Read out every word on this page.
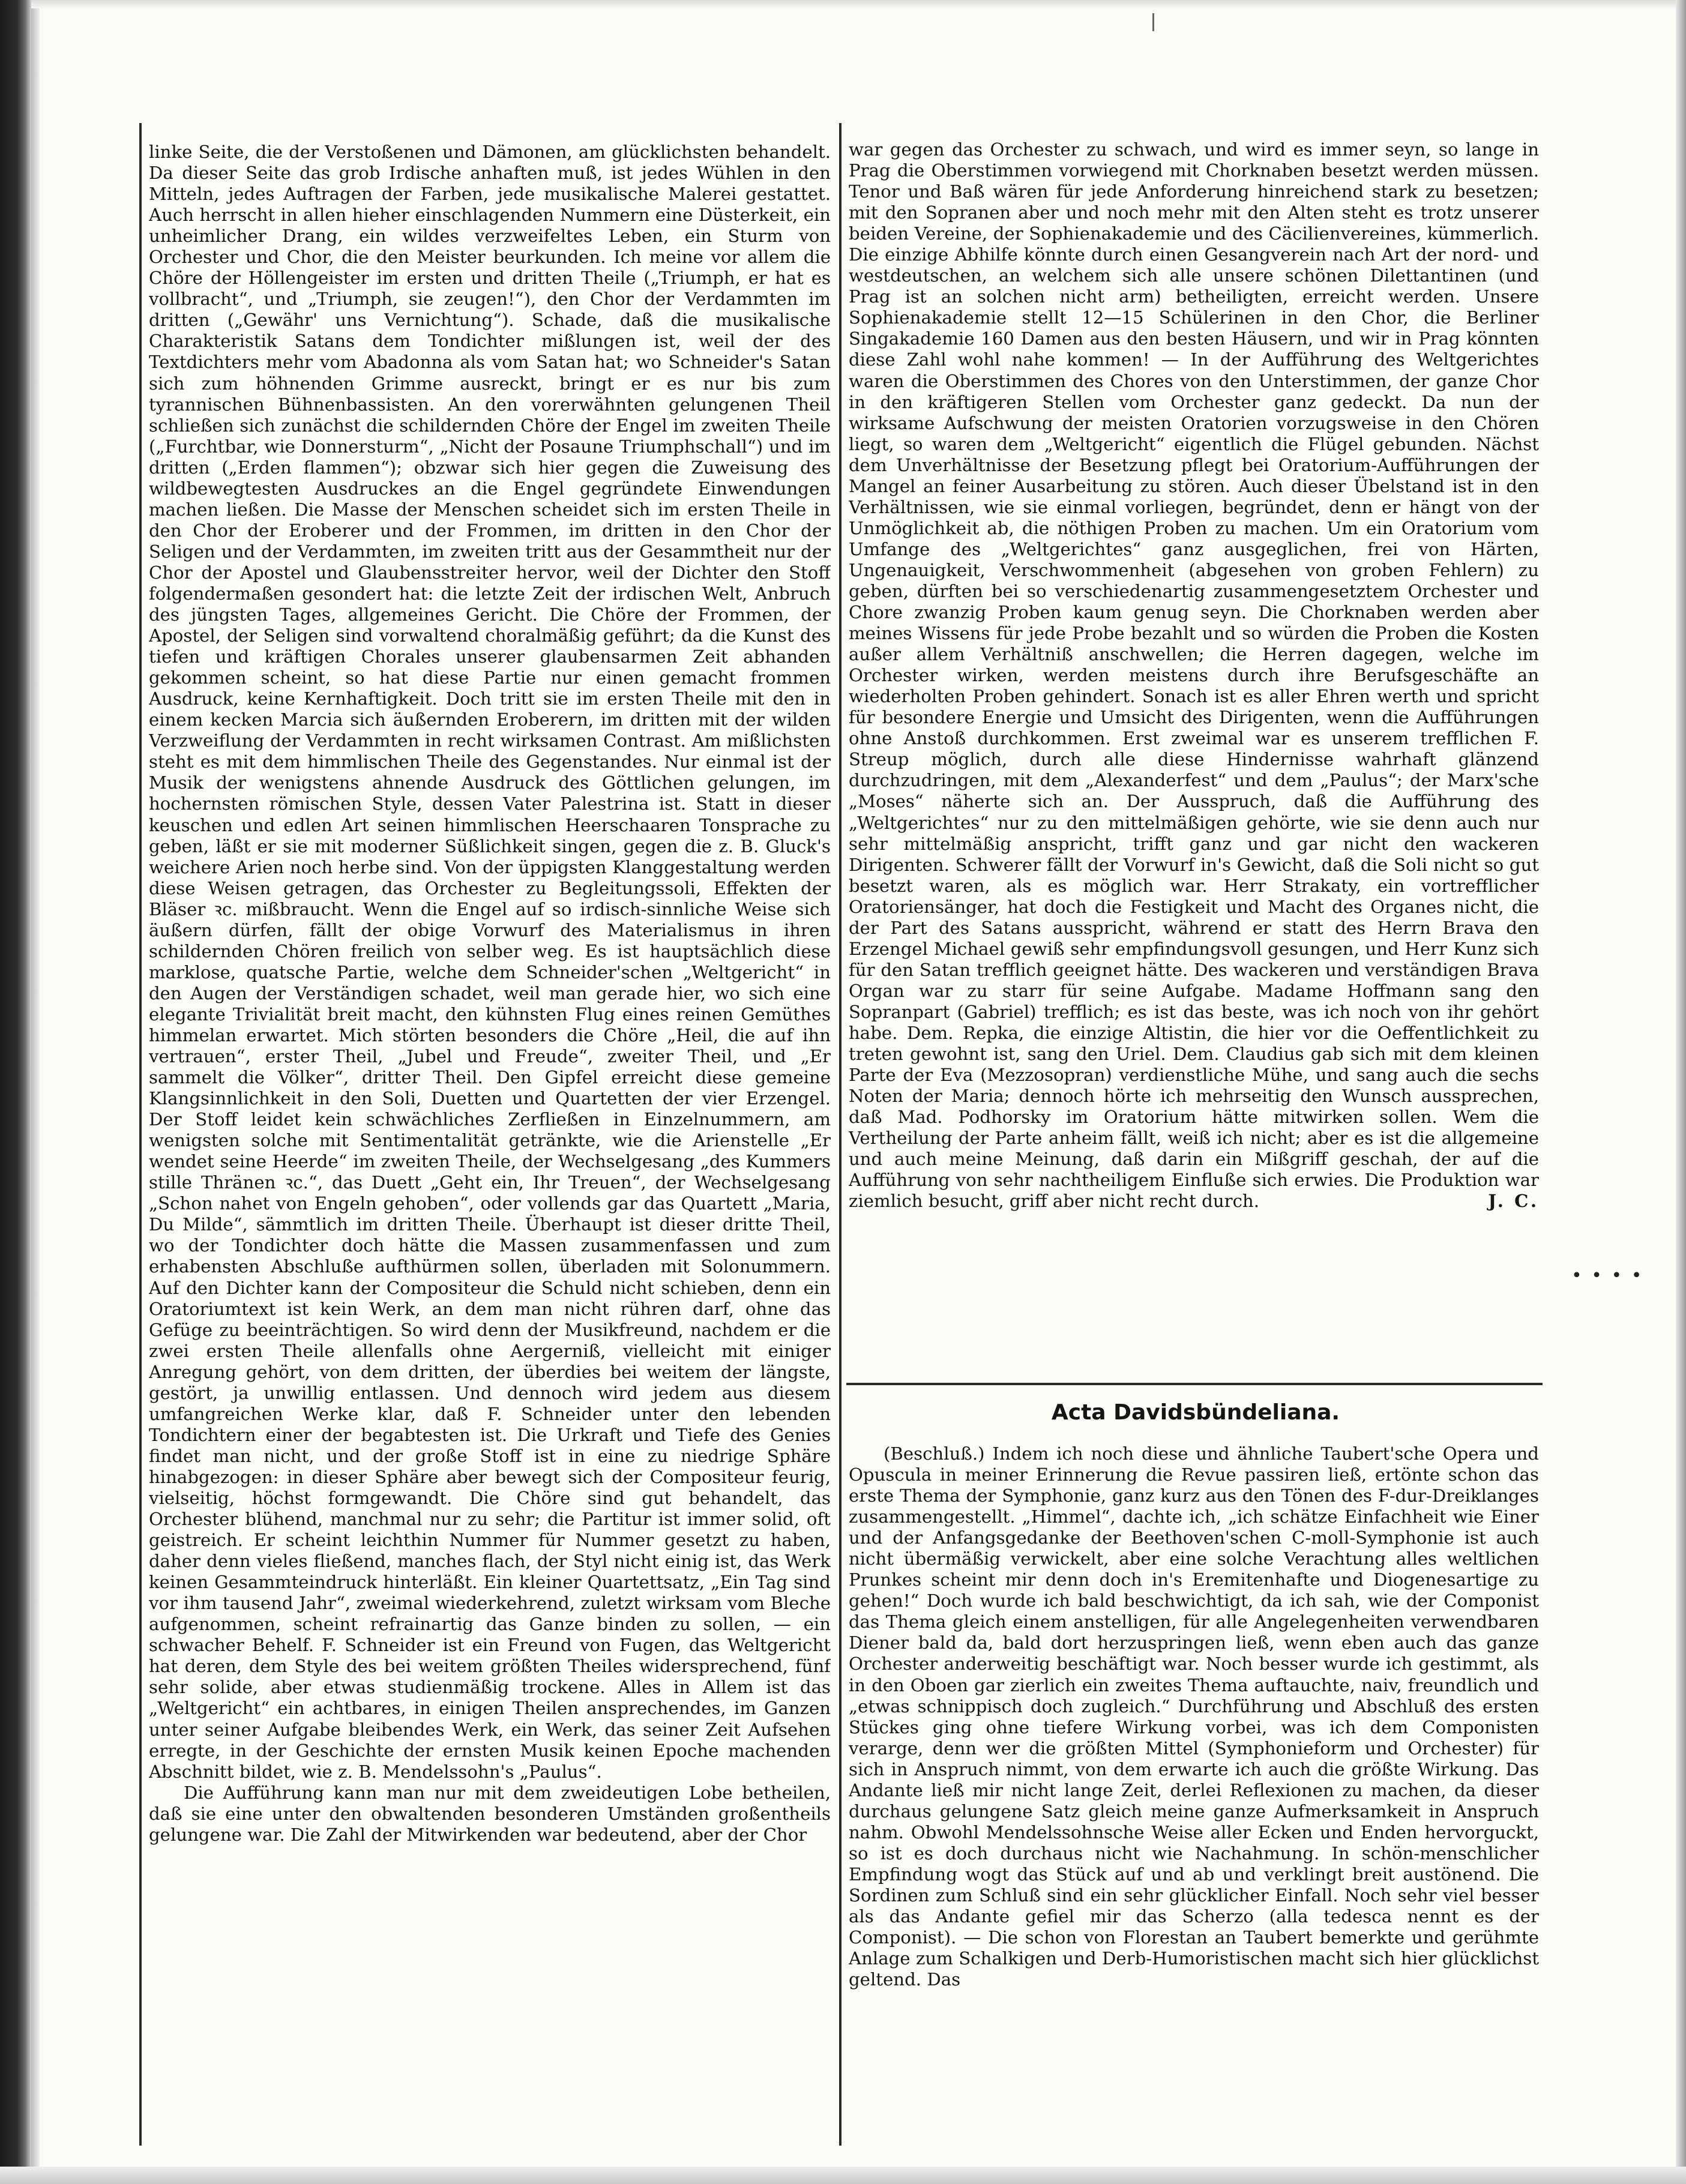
linke Seite, die der Verstoßenen und Dämonen, am glücklichsten behandelt. Da dieser Seite das grob Irdische anhaften muß, ist jedes Wühlen in den Mitteln, jedes Auftragen der Farben, jede musikalische Malerei gestattet. Auch herrscht in allen hieher einschlagenden Nummern eine Düsterkeit, ein unheimlicher Drang, ein wildes verzweifeltes Leben, ein Sturm von Orchester und Chor, die den Meister beurkunden. Ich meine vor allem die Chöre der Höllengeister im ersten und dritten Theile („Triumph, er hat es vollbracht“, und „Triumph, sie zeugen!“), den Chor der Verdammten im dritten („Gewähr' uns Vernichtung“). Schade, daß die musikalische Charakteristik Satans dem Tondichter mißlungen ist, weil der des Textdichters mehr vom Abadonna als vom Satan hat; wo Schneider's Satan sich zum höhnenden Grimme ausreckt, bringt er es nur bis zum tyrannischen Bühnenbassisten. An den vorerwähnten gelungenen Theil schließen sich zunächst die schildernden Chöre der Engel im zweiten Theile („Furchtbar, wie Donnersturm“, „Nicht der Posaune Triumphschall“) und im dritten („Erden flammen“); obzwar sich hier gegen die Zuweisung des wildbewegtesten Ausdruckes an die Engel gegründete Einwendungen machen ließen. Die Masse der Menschen scheidet sich im ersten Theile in den Chor der Eroberer und der Frommen, im dritten in den Chor der Seligen und der Verdammten, im zweiten tritt aus der Gesammtheit nur der Chor der Apostel und Glaubensstreiter hervor, weil der Dichter den Stoff folgendermaßen gesondert hat: die letzte Zeit der irdischen Welt, Anbruch des jüngsten Tages, allgemeines Gericht. Die Chöre der Frommen, der Apostel, der Seligen sind vorwaltend choralmäßig geführt; da die Kunst des tiefen und kräftigen Chorales unserer glaubensarmen Zeit abhanden gekommen scheint, so hat diese Partie nur einen gemacht frommen Ausdruck, keine Kernhaftigkeit. Doch tritt sie im ersten Theile mit den in einem kecken Marcia sich äußernden Eroberern, im dritten mit der wilden Verzweiflung der Verdammten in recht wirksamen Contrast. Am mißlichsten steht es mit dem himmlischen Theile des Gegenstandes. Nur einmal ist der Musik der wenigstens ahnende Ausdruck des Göttlichen gelungen, im hochernsten römischen Style, dessen Vater Palestrina ist. Statt in dieser keuschen und edlen Art seinen himmlischen Heerschaaren Tonsprache zu geben, läßt er sie mit moderner Süßlichkeit singen, gegen die z. B. Gluck's weichere Arien noch herbe sind. Von der üppigsten Klanggestaltung werden diese Weisen getragen, das Orchester zu Begleitungssoli, Effekten der Bläser ꝛc. mißbraucht. Wenn die Engel auf so irdisch-sinnliche Weise sich äußern dürfen, fällt der obige Vorwurf des Materialismus in ihren schildernden Chören freilich von selber weg. Es ist hauptsächlich diese marklose, quatsche Partie, welche dem Schneider'schen „Weltgericht“ in den Augen der Verständigen schadet, weil man gerade hier, wo sich eine elegante Trivialität breit macht, den kühnsten Flug eines reinen Gemüthes himmelan erwartet. Mich störten besonders die Chöre „Heil, die auf ihn vertrauen“, erster Theil, „Jubel und Freude“, zweiter Theil, und „Er sammelt die Völker“, dritter Theil. Den Gipfel erreicht diese gemeine Klangsinnlichkeit in den Soli, Duetten und Quartetten der vier Erzengel. Der Stoff leidet kein schwächliches Zerfließen in Einzelnummern, am wenigsten solche mit Sentimentalität getränkte, wie die Arienstelle „Er wendet seine Heerde“ im zweiten Theile, der Wechselgesang „des Kummers stille Thränen ꝛc.“, das Duett „Geht ein, Ihr Treuen“, der Wechselgesang „Schon nahet von Engeln gehoben“, oder vollends gar das Quartett „Maria, Du Milde“, sämmtlich im dritten Theile. Überhaupt ist dieser dritte Theil, wo der Tondichter doch hätte die Massen zusammenfassen und zum erhabensten Abschluße aufthürmen sollen, überladen mit Solonummern. Auf den Dichter kann der Compositeur die Schuld nicht schieben, denn ein Oratoriumtext ist kein Werk, an dem man nicht rühren darf, ohne das Gefüge zu beeinträchtigen. So wird denn der Musikfreund, nachdem er die zwei ersten Theile allenfalls ohne Aergerniß, vielleicht mit einiger Anregung gehört, von dem dritten, der überdies bei weitem der längste, gestört, ja unwillig entlassen. Und dennoch wird jedem aus diesem umfangreichen Werke klar, daß F. Schneider unter den lebenden Tondichtern einer der begabtesten ist. Die Urkraft und Tiefe des Genies findet man nicht, und der große Stoff ist in eine zu niedrige Sphäre hinabgezogen: in dieser Sphäre aber bewegt sich der Compositeur feurig, vielseitig, höchst formgewandt. Die Chöre sind gut behandelt, das Orchester blühend, manchmal nur zu sehr; die Partitur ist immer solid, oft geistreich. Er scheint leichthin Nummer für Nummer gesetzt zu haben, daher denn vieles fließend, manches flach, der Styl nicht einig ist, das Werk keinen Gesammteindruck hinterläßt. Ein kleiner Quartettsatz, „Ein Tag sind vor ihm tausend Jahr“, zweimal wiederkehrend, zuletzt wirksam vom Bleche aufgenommen, scheint refrainartig das Ganze binden zu sollen, — ein schwacher Behelf. F. Schneider ist ein Freund von Fugen, das Weltgericht hat deren, dem Style des bei weitem größten Theiles widersprechend, fünf sehr solide, aber etwas studienmäßig trockene. Alles in Allem ist das „Weltgericht“ ein achtbares, in einigen Theilen ansprechendes, im Ganzen unter seiner Aufgabe bleibendes Werk, ein Werk, das seiner Zeit Aufsehen erregte, in der Geschichte der ernsten Musik keinen Epoche machenden Abschnitt bildet, wie z. B. Mendelssohn's „Paulus“.

Die Aufführung kann man nur mit dem zweideutigen Lobe betheilen, daß sie eine unter den obwaltenden besonderen Umständen großentheils gelungene war. Die Zahl der Mitwirkenden war bedeutend, aber der Chor

war gegen das Orchester zu schwach, und wird es immer seyn, so lange in Prag die Oberstimmen vorwiegend mit Chorknaben besetzt werden müssen. Tenor und Baß wären für jede Anforderung hinreichend stark zu besetzen; mit den Sopranen aber und noch mehr mit den Alten steht es trotz unserer beiden Vereine, der Sophienakademie und des Cäcilienvereines, kümmerlich. Die einzige Abhilfe könnte durch einen Gesangverein nach Art der nord- und westdeutschen, an welchem sich alle unsere schönen Dilettantinen (und Prag ist an solchen nicht arm) betheiligten, erreicht werden. Unsere Sophienakademie stellt 12—15 Schülerinen in den Chor, die Berliner Singakademie 160 Damen aus den besten Häusern, und wir in Prag könnten diese Zahl wohl nahe kommen! — In der Aufführung des Weltgerichtes waren die Oberstimmen des Chores von den Unterstimmen, der ganze Chor in den kräftigeren Stellen vom Orchester ganz gedeckt. Da nun der wirksame Aufschwung der meisten Oratorien vorzugsweise in den Chören liegt, so waren dem „Weltgericht“ eigentlich die Flügel gebunden. Nächst dem Unverhältnisse der Besetzung pflegt bei Oratorium-Aufführungen der Mangel an feiner Ausarbeitung zu stören. Auch dieser Übelstand ist in den Verhältnissen, wie sie einmal vorliegen, begründet, denn er hängt von der Unmöglichkeit ab, die nöthigen Proben zu machen. Um ein Oratorium vom Umfange des „Weltgerichtes“ ganz ausgeglichen, frei von Härten, Ungenauigkeit, Verschwommenheit (abgesehen von groben Fehlern) zu geben, dürften bei so verschiedenartig zusammengesetztem Orchester und Chore zwanzig Proben kaum genug seyn. Die Chorknaben werden aber meines Wissens für jede Probe bezahlt und so würden die Proben die Kosten außer allem Verhältniß anschwellen; die Herren dagegen, welche im Orchester wirken, werden meistens durch ihre Berufsgeschäfte an wiederholten Proben gehindert. Sonach ist es aller Ehren werth und spricht für besondere Energie und Umsicht des Dirigenten, wenn die Aufführungen ohne Anstoß durchkommen. Erst zweimal war es unserem trefflichen F. Streup möglich, durch alle diese Hindernisse wahrhaft glänzend durchzudringen, mit dem „Alexanderfest“ und dem „Paulus“; der Marx'sche „Moses“ näherte sich an. Der Ausspruch, daß die Aufführung des „Weltgerichtes“ nur zu den mittelmäßigen gehörte, wie sie denn auch nur sehr mittelmäßig anspricht, trifft ganz und gar nicht den wackeren Dirigenten. Schwerer fällt der Vorwurf in's Gewicht, daß die Soli nicht so gut besetzt waren, als es möglich war. Herr Strakaty, ein vortrefflicher Oratoriensänger, hat doch die Festigkeit und Macht des Organes nicht, die der Part des Satans ausspricht, während er statt des Herrn Brava den Erzengel Michael gewiß sehr empfindungsvoll gesungen, und Herr Kunz sich für den Satan trefflich geeignet hätte. Des wackeren und verständigen Brava Organ war zu starr für seine Aufgabe. Madame Hoffmann sang den Sopranpart (Gabriel) trefflich; es ist das beste, was ich noch von ihr gehört habe. Dem. Repka, die einzige Altistin, die hier vor die Oeffentlichkeit zu treten gewohnt ist, sang den Uriel. Dem. Claudius gab sich mit dem kleinen Parte der Eva (Mezzosopran) verdienstliche Mühe, und sang auch die sechs Noten der Maria; dennoch hörte ich mehrseitig den Wunsch aussprechen, daß Mad. Podhorsky im Oratorium hätte mitwirken sollen. Wem die Vertheilung der Parte anheim fällt, weiß ich nicht; aber es ist die allgemeine und auch meine Meinung, daß darin ein Mißgriff geschah, der auf die Aufführung von sehr nachtheiligem Einfluße sich erwies. Die Produktion war ziemlich besucht, griff aber nicht recht durch.	J. C.

• • • •
Acta Davidsbündeliana.

(Beschluß.) Indem ich noch diese und ähnliche Taubert'sche Opera und Opuscula in meiner Erinnerung die Revue passiren ließ, ertönte schon das erste Thema der Symphonie, ganz kurz aus den Tönen des F-dur-Dreiklanges zusammengestellt. „Himmel“, dachte ich, „ich schätze Einfachheit wie Einer und der Anfangsgedanke der Beethoven'schen C-moll-Symphonie ist auch nicht übermäßig verwickelt, aber eine solche Verachtung alles weltlichen Prunkes scheint mir denn doch in's Eremitenhafte und Diogenesartige zu gehen!“ Doch wurde ich bald beschwichtigt, da ich sah, wie der Componist das Thema gleich einem anstelligen, für alle Angelegenheiten verwendbaren Diener bald da, bald dort herzuspringen ließ, wenn eben auch das ganze Orchester anderweitig beschäftigt war. Noch besser wurde ich gestimmt, als in den Oboen gar zierlich ein zweites Thema auftauchte, naiv, freundlich und „etwas schnippisch doch zugleich.“ Durchführung und Abschluß des ersten Stückes ging ohne tiefere Wirkung vorbei, was ich dem Componisten verarge, denn wer die größten Mittel (Symphonieform und Orchester) für sich in Anspruch nimmt, von dem erwarte ich auch die größte Wirkung. Das Andante ließ mir nicht lange Zeit, derlei Reflexionen zu machen, da dieser durchaus gelungene Satz gleich meine ganze Aufmerksamkeit in Anspruch nahm. Obwohl Mendelssohnsche Weise aller Ecken und Enden hervorguckt, so ist es doch durchaus nicht wie Nachahmung. In schön-menschlicher Empfindung wogt das Stück auf und ab und verklingt breit austönend. Die Sordinen zum Schluß sind ein sehr glücklicher Einfall. Noch sehr viel besser als das Andante gefiel mir das Scherzo (alla tedesca nennt es der Componist). — Die schon von Florestan an Taubert bemerkte und gerühmte Anlage zum Schalkigen und Derb-Humoristischen macht sich hier glücklichst geltend. Das
